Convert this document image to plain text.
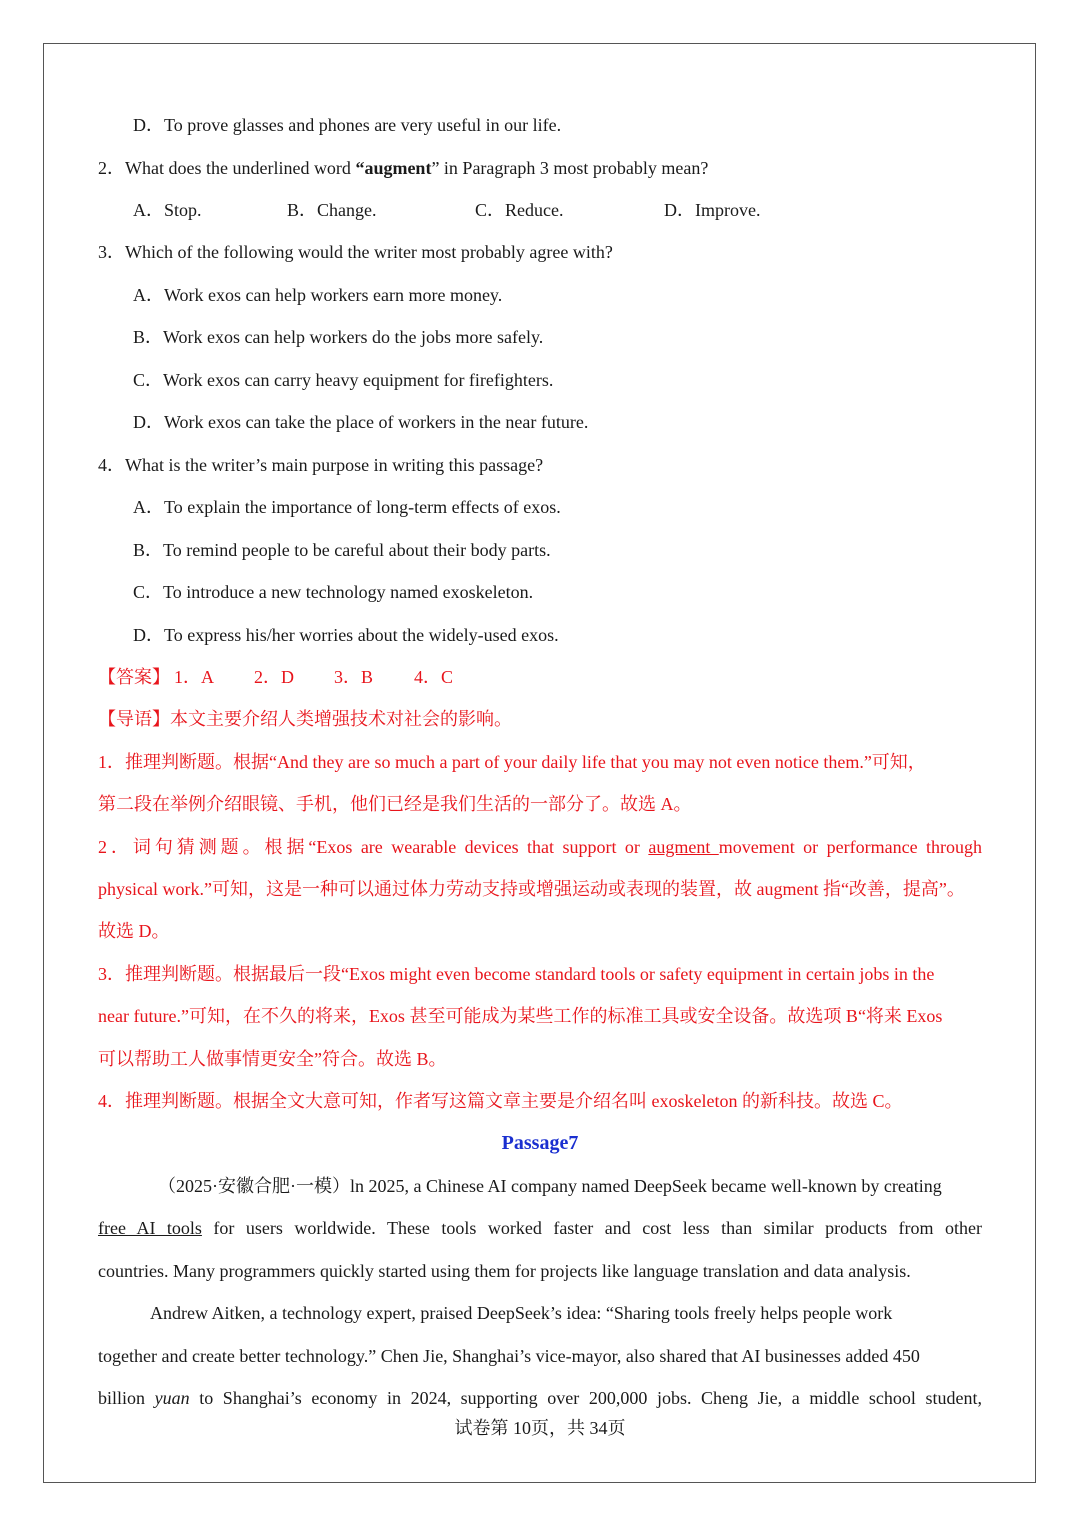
D．To prove glasses and phones are very useful in our life.
2．What does the underlined word “augment” in Paragraph 3 most probably mean?
A．Stop.	B．Change.	C．Reduce.	D．Improve.
3．Which of the following would the writer most probably agree with?
A．Work exos can help workers earn more money.
B．Work exos can help workers do the jobs more safely.
C．Work exos can carry heavy equipment for firefighters.
D．Work exos can take the place of workers in the near future.
4．What is the writer’s main purpose in writing this passage?
A．To explain the importance of long-term effects of exos.
B．To remind people to be careful about their body parts.
C．To introduce a new technology named exoskeleton.
D．To express his/her worries about the widely-used exos.
【答案】 1．A 2．D 3．B 4．C
【导语】本文主要介绍人类增强技术对社会的影响。
1．推理判断题。根据“And they are so much a part of your daily life that you may not even notice them.”可知，
第二段在举例介绍眼镜、手机，他们已经是我们生活的一部分了。故选 A。
2．词句猜测题。根据“Exos are wearable devices that support or augment movement or performance through
physical work.”可知，这是一种可以通过体力劳动支持或增强运动或表现的装置，故 augment 指“改善，提高”。
故选 D。
3．推理判断题。根据最后一段“Exos might even become standard tools or safety equipment in certain jobs in the
near future.”可知，在不久的将来，Exos 甚至可能成为某些工作的标准工具或安全设备。故选项 B“将来 Exos
可以帮助工人做事情更安全”符合。故选 B。
4．推理判断题。根据全文大意可知，作者写这篇文章主要是介绍名叫 exoskeleton 的新科技。故选 C。
Passage7
（2025·安徽合肥·一模）ln 2025, a Chinese AI company named DeepSeek became well-known by creating
free AI tools for users worldwide. These tools worked faster and cost less than similar products from other
countries. Many programmers quickly started using them for projects like language translation and data analysis.
Andrew Aitken, a technology expert, praised DeepSeek’s idea: “Sharing tools freely helps people work
together and create better technology.” Chen Jie, Shanghai’s vice-mayor, also shared that AI businesses added 450
billion yuan to Shanghai’s economy in 2024, supporting over 200,000 jobs. Cheng Jie, a middle school student,
试卷第 10页，共 34页
